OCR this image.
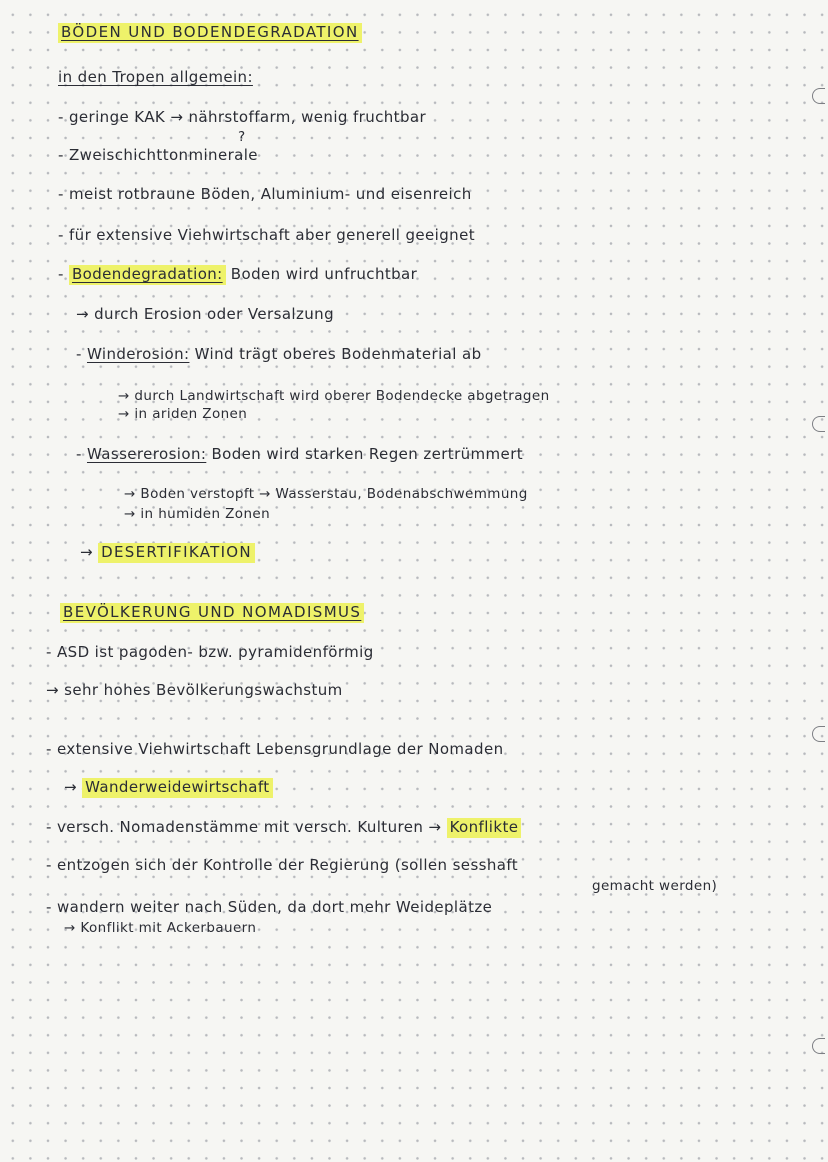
BÖDEN UND BODENDEGRADATION
in den Tropen allgemein:
- geringe KAK → nährstoffarm, wenig fruchtbar
?
- Zweischichttonminerale
- meist rotbraune Böden, Aluminium- und eisenreich
- für extensive Viehwirtschaft aber generell geeignet
- Bodendegradation: Boden wird unfruchtbar
→ durch Erosion oder Versalzung
- Winderosion: Wind trägt oberes Bodenmaterial ab
→ durch Landwirtschaft wird oberer Bodendecke abgetragen
→ in ariden Zonen
- Wassererosion: Boden wird starken Regen zertrümmert
→ Boden verstopft → Wasserstau, Bodenabschwemmung
→ in humiden Zonen
→ DESERTIFIKATION
BEVÖLKERUNG UND NOMADISMUS
- ASD ist pagoden- bzw. pyramidenförmig
→ sehr hohes Bevölkerungswachstum
- extensive Viehwirtschaft Lebensgrundlage der Nomaden
→ Wanderweidewirtschaft
- versch. Nomadenstämme mit versch. Kulturen → Konflikte
- entzogen sich der Kontrolle der Regierung (sollen sesshaft
gemacht werden)
- wandern weiter nach Süden, da dort mehr Weideplätze
→ Konflikt mit Ackerbauern
